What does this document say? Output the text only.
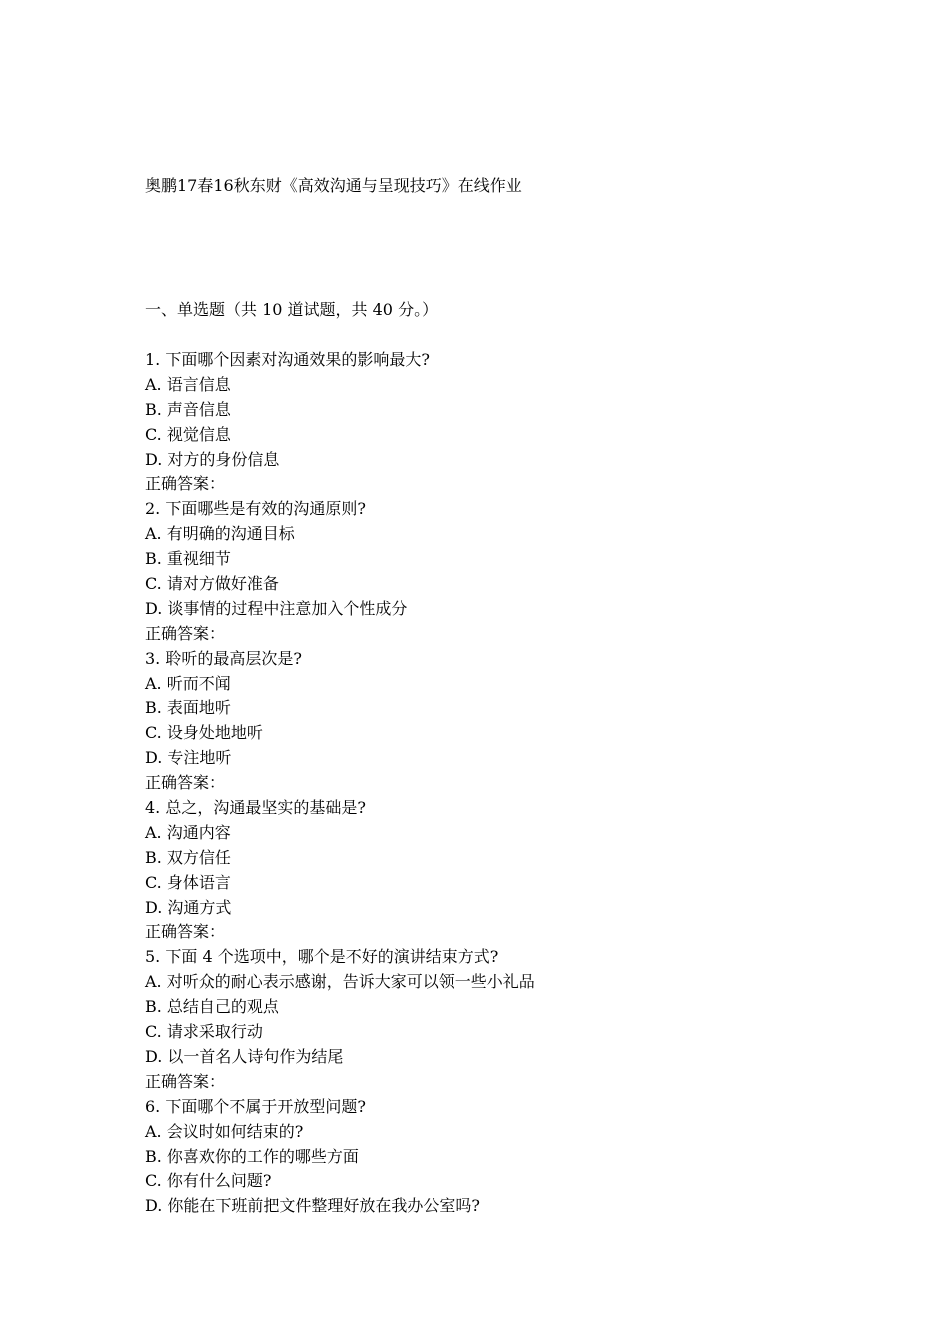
奥鹏17春16秋东财《高效沟通与呈现技巧》在线作业
一、单选题（共 10 道试题，共 40 分。）
1. 下面哪个因素对沟通效果的影响最大?
A. 语言信息
B. 声音信息
C. 视觉信息
D. 对方的身份信息
正确答案：
2. 下面哪些是有效的沟通原则?
A. 有明确的沟通目标
B. 重视细节
C. 请对方做好准备
D. 谈事情的过程中注意加入个性成分
正确答案：
3. 聆听的最高层次是?
A. 听而不闻
B. 表面地听
C. 设身处地地听
D. 专注地听
正确答案：
4. 总之，沟通最坚实的基础是?
A. 沟通内容
B. 双方信任
C. 身体语言
D. 沟通方式
正确答案：
5. 下面 4 个选项中，哪个是不好的演讲结束方式?
A. 对听众的耐心表示感谢，告诉大家可以领一些小礼品
B. 总结自己的观点
C. 请求采取行动
D. 以一首名人诗句作为结尾
正确答案：
6. 下面哪个不属于开放型问题?
A. 会议时如何结束的?
B. 你喜欢你的工作的哪些方面
C. 你有什么问题?
D. 你能在下班前把文件整理好放在我办公室吗?
